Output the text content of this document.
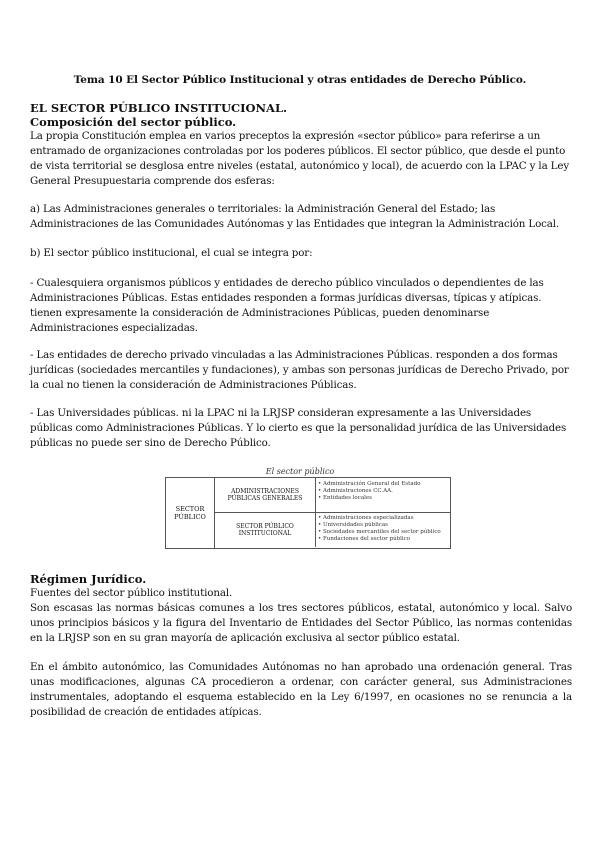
Tema 10 El Sector Público Institucional y otras entidades de Derecho Público.
EL SECTOR PÚBLICO INSTITUCIONAL.
Composición del sector público.
La propia Constitución emplea en varios preceptos la expresión «sector público» para referirse a un entramado de organizaciones controladas por los poderes públicos. El sector público, que desde el punto de vista territorial se desglosa entre niveles (estatal, autonómico y local), de acuerdo con la LPAC y la Ley General Presupuestaria comprende dos esferas:
a) Las Administraciones generales o territoriales: la Administración General del Estado; las Administraciones de las Comunidades Autónomas y las Entidades que integran la Administración Local.
b) El sector público institucional, el cual se integra por:
- Cualesquiera organismos públicos y entidades de derecho público vinculados o dependientes de las Administraciones Públicas. Estas entidades responden a formas jurídicas diversas, típicas y atípicas. tienen expresamente la consideración de Administraciones Públicas, pueden denominarse Administraciones especializadas.
- Las entidades de derecho privado vinculadas a las Administraciones Públicas. responden a dos formas jurídicas (sociedades mercantiles y fundaciones), y ambas son personas jurídicas de Derecho Privado, por la cual no tienen la consideración de Administraciones Públicas.
- Las Universidades públicas. ni la LPAC ni la LRJSP consideran expresamente a las Universidades públicas como Administraciones Públicas. Y lo cierto es que la personalidad jurídica de las Universidades públicas no puede ser sino de Derecho Público.
El sector público
SECTOR PÚBLICO
ADMINISTRACIONES PÚBLICAS GENERALES
SECTOR PÚBLICO INSTITUCIONAL
• Administración General del Estado
• Administraciones CC.AA.
• Entidades locales
• Administraciones especializadas
• Universidades públicas
• Sociedades mercantiles del sector público
• Fundaciones del sector público
Régimen Jurídico.
Fuentes del sector público institutional.
Son escasas las normas básicas comunes a los tres sectores públicos, estatal, autonómico y local. Salvo unos principios básicos y la figura del Inventario de Entidades del Sector Público, las normas contenidas en la LRJSP son en su gran mayoría de aplicación exclusiva al sector público estatal.
En el ámbito autonómico, las Comunidades Autónomas no han aprobado una ordenación general. Tras unas modificaciones, algunas CA procedieron a ordenar, con carácter general, sus Administraciones instrumentales, adoptando el esquema establecido en la Ley 6/1997, en ocasiones no se renuncia a la posibilidad de creación de entidades atípicas.
